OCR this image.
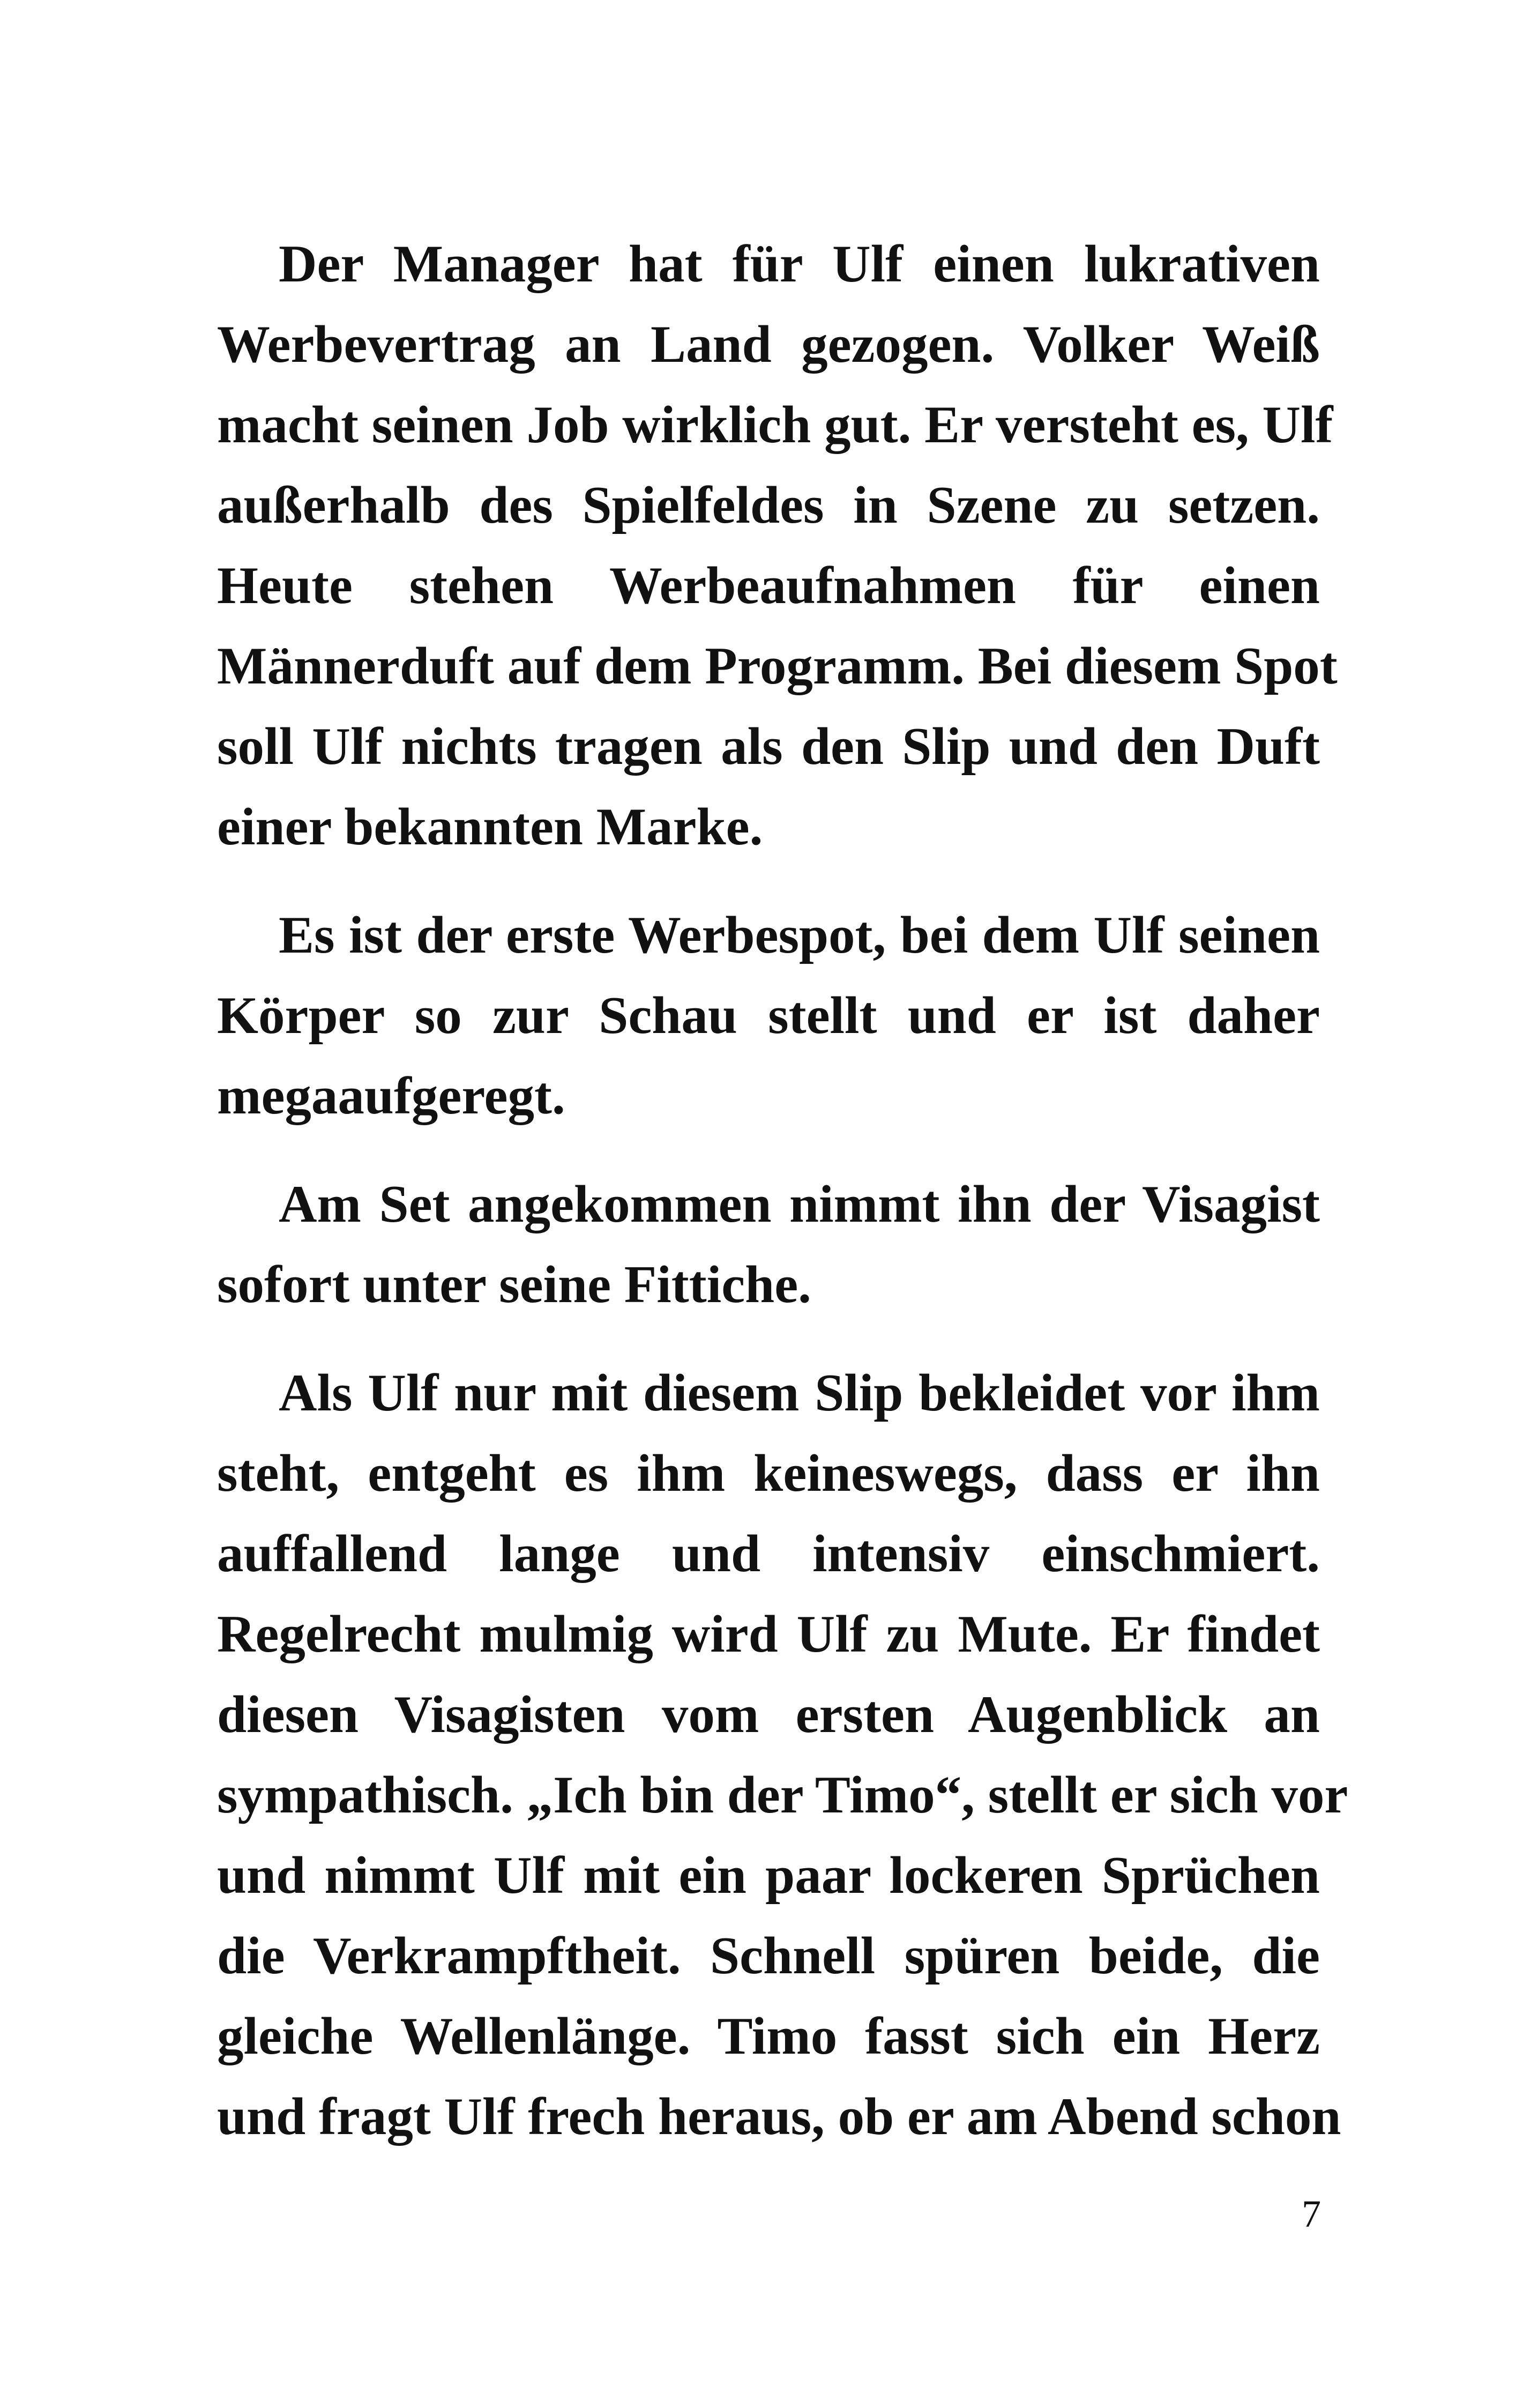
Der Manager hat für Ulf einen lukrativen
Werbevertrag an Land gezogen. Volker Weiß
macht seinen Job wirklich gut. Er versteht es, Ulf
außerhalb des Spielfeldes in Szene zu setzen.
Heute stehen Werbeaufnahmen für einen
Männerduft auf dem Programm. Bei diesem Spot
soll Ulf nichts tragen als den Slip und den Duft
einer bekannten Marke.
Es ist der erste Werbespot, bei dem Ulf seinen
Körper so zur Schau stellt und er ist daher
megaaufgeregt.
Am Set angekommen nimmt ihn der Visagist
sofort unter seine Fittiche.
Als Ulf nur mit diesem Slip bekleidet vor ihm
steht, entgeht es ihm keineswegs, dass er ihn
auffallend lange und intensiv einschmiert.
Regelrecht mulmig wird Ulf zu Mute. Er findet
diesen Visagisten vom ersten Augenblick an
sympathisch. „Ich bin der Timo“, stellt er sich vor
und nimmt Ulf mit ein paar lockeren Sprüchen
die Verkrampftheit. Schnell spüren beide, die
gleiche Wellenlänge. Timo fasst sich ein Herz
und fragt Ulf frech heraus, ob er am Abend schon
7
